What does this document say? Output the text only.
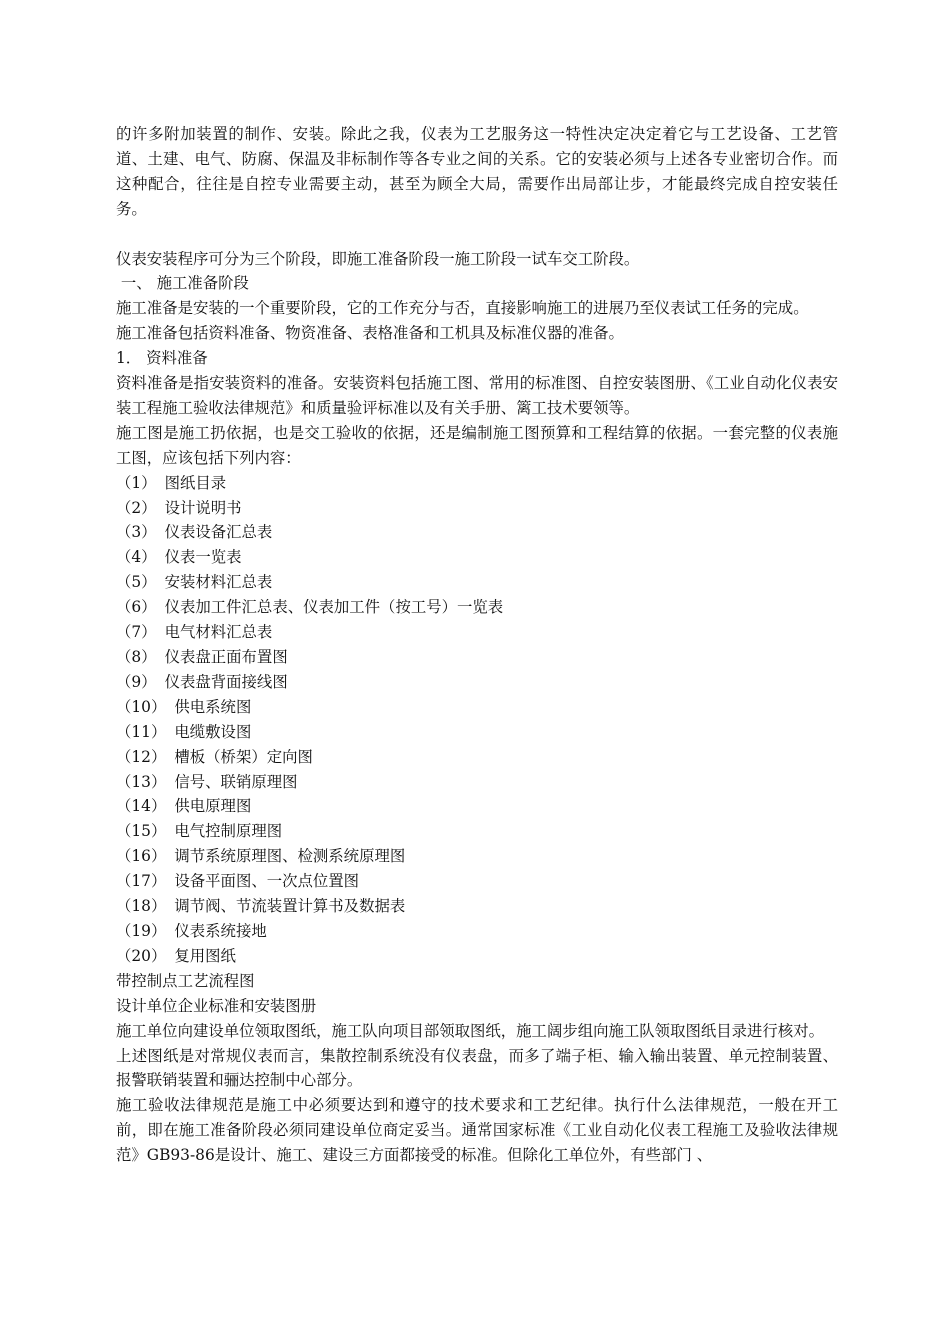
的许多附加装置的制作、安装。除此之我，仪表为工艺服务这一特性决定决定着它与工艺设备、工艺管道、土建、电气、防腐、保温及非标制作等各专业之间的关系。它的安装必须与上述各专业密切合作。而这种配合，往往是自控专业需要主动，甚至为顾全大局，需要作出局部让步，才能最终完成自控安装任务。

仪表安装程序可分为三个阶段，即施工准备阶段一施工阶段一试车交工阶段。

一、 施工准备阶段

施工准备是安装的一个重要阶段，它的工作充分与否，直接影响施工的进展乃至仪表试工任务的完成。

施工准备包括资料准备、物资准备、表格准备和工机具及标准仪器的准备。

1． 资料准备

资料准备是指安装资料的准备。安装资料包括施工图、常用的标准图、自控安装图册、《工业自动化仪表安装工程施工验收法律规范》和质量验评标准以及有关手册、篱工技术要领等。

施工图是施工扔依据，也是交工验收的依据，还是编制施工图预算和工程结算的依据。一套完整的仪表施工图，应该包括下列内容：

（1） 图纸目录
（2） 设计说明书
（3） 仪表设备汇总表
（4） 仪表一览表
（5） 安装材料汇总表
（6） 仪表加工件汇总表、仪表加工件（按工号）一览表
（7） 电气材料汇总表
（8） 仪表盘正面布置图
（9） 仪表盘背面接线图
（10） 供电系统图
（11） 电缆敷设图
（12） 槽板（桥架）定向图
（13） 信号、联销原理图
（14） 供电原理图
（15） 电气控制原理图
（16） 调节系统原理图、检测系统原理图
（17） 设备平面图、一次点位置图
（18） 调节阀、节流装置计算书及数据表
（19） 仪表系统接地
（20） 复用图纸

带控制点工艺流程图

设计单位企业标准和安装图册

施工单位向建设单位领取图纸，施工队向项目部领取图纸，施工阔步组向施工队领取图纸目录进行核对。

上述图纸是对常规仪表而言，集散控制系统没有仪表盘，而多了端子柜、输入输出装置、单元控制装置、报警联销装置和骊达控制中心部分。

施工验收法律规范是施工中必须要达到和遵守的技术要求和工艺纪律。执行什么法律规范，一般在开工前，即在施工准备阶段必须同建设单位商定妥当。通常国家标准《工业自动化仪表工程施工及验收法律规范》GB93-86是设计、施工、建设三方面都接受的标准。但除化工单位外，有些部门 、
